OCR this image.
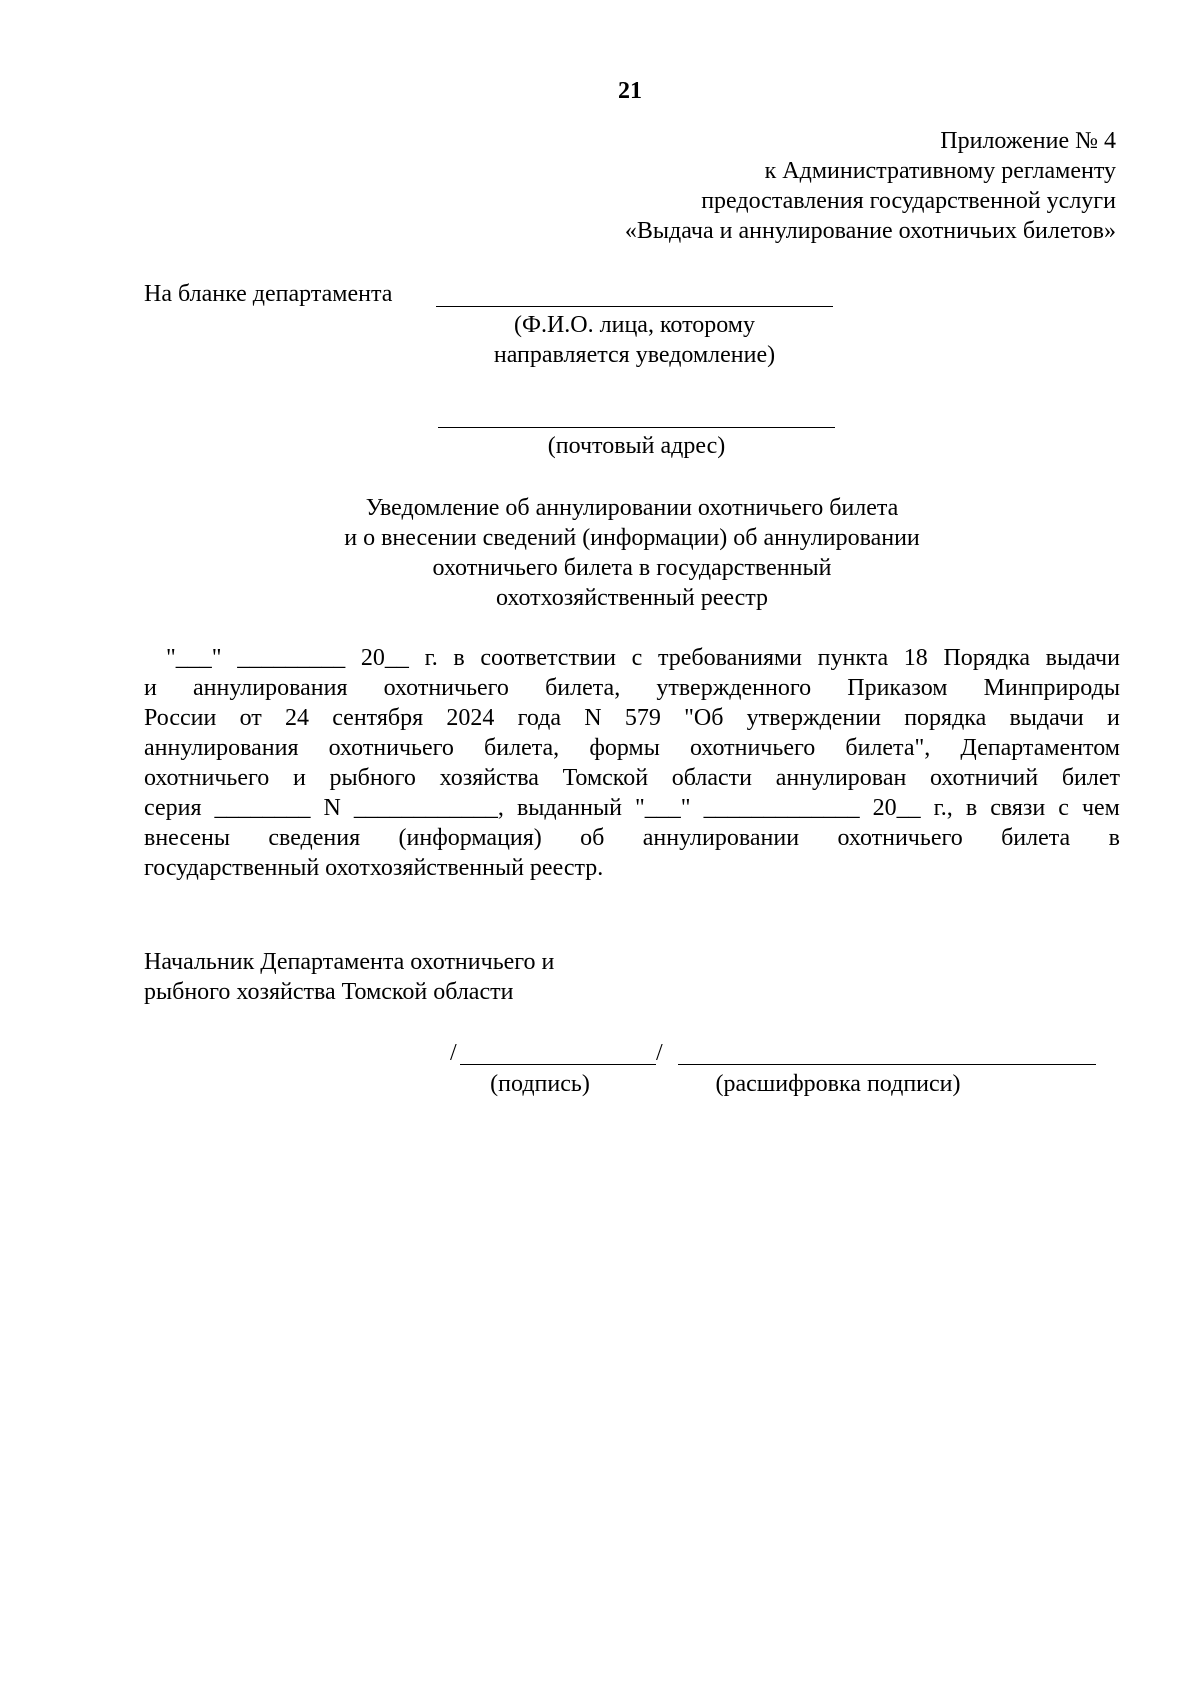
21
Приложение № 4
к Административному регламенту
предоставления государственной услуги
«Выдача и аннулирование охотничьих билетов»
На бланке департамента
(Ф.И.О. лица, которому
направляется уведомление)
(почтовый адрес)
Уведомление об аннулировании охотничьего билета
и о внесении сведений (информации) об аннулировании
охотничьего билета в государственный
охотхозяйственный реестр
"___" _________ 20__ г. в соответствии с требованиями пункта 18 Порядка выдачи
и аннулирования охотничьего билета, утвержденного Приказом Минприроды
России от 24 сентября 2024 года N 579 "Об утверждении порядка выдачи и
аннулирования охотничьего билета, формы охотничьего билета", Департаментом
охотничьего и рыбного хозяйства Томской области аннулирован охотничий билет
серия ________ N ____________, выданный "___" _____________ 20__ г., в связи с чем
внесены сведения (информация) об аннулировании охотничьего билета в
государственный охотхозяйственный реестр.
Начальник Департамента охотничьего и
рыбного хозяйства Томской области
/	/
(подпись)	(расшифровка подписи)
